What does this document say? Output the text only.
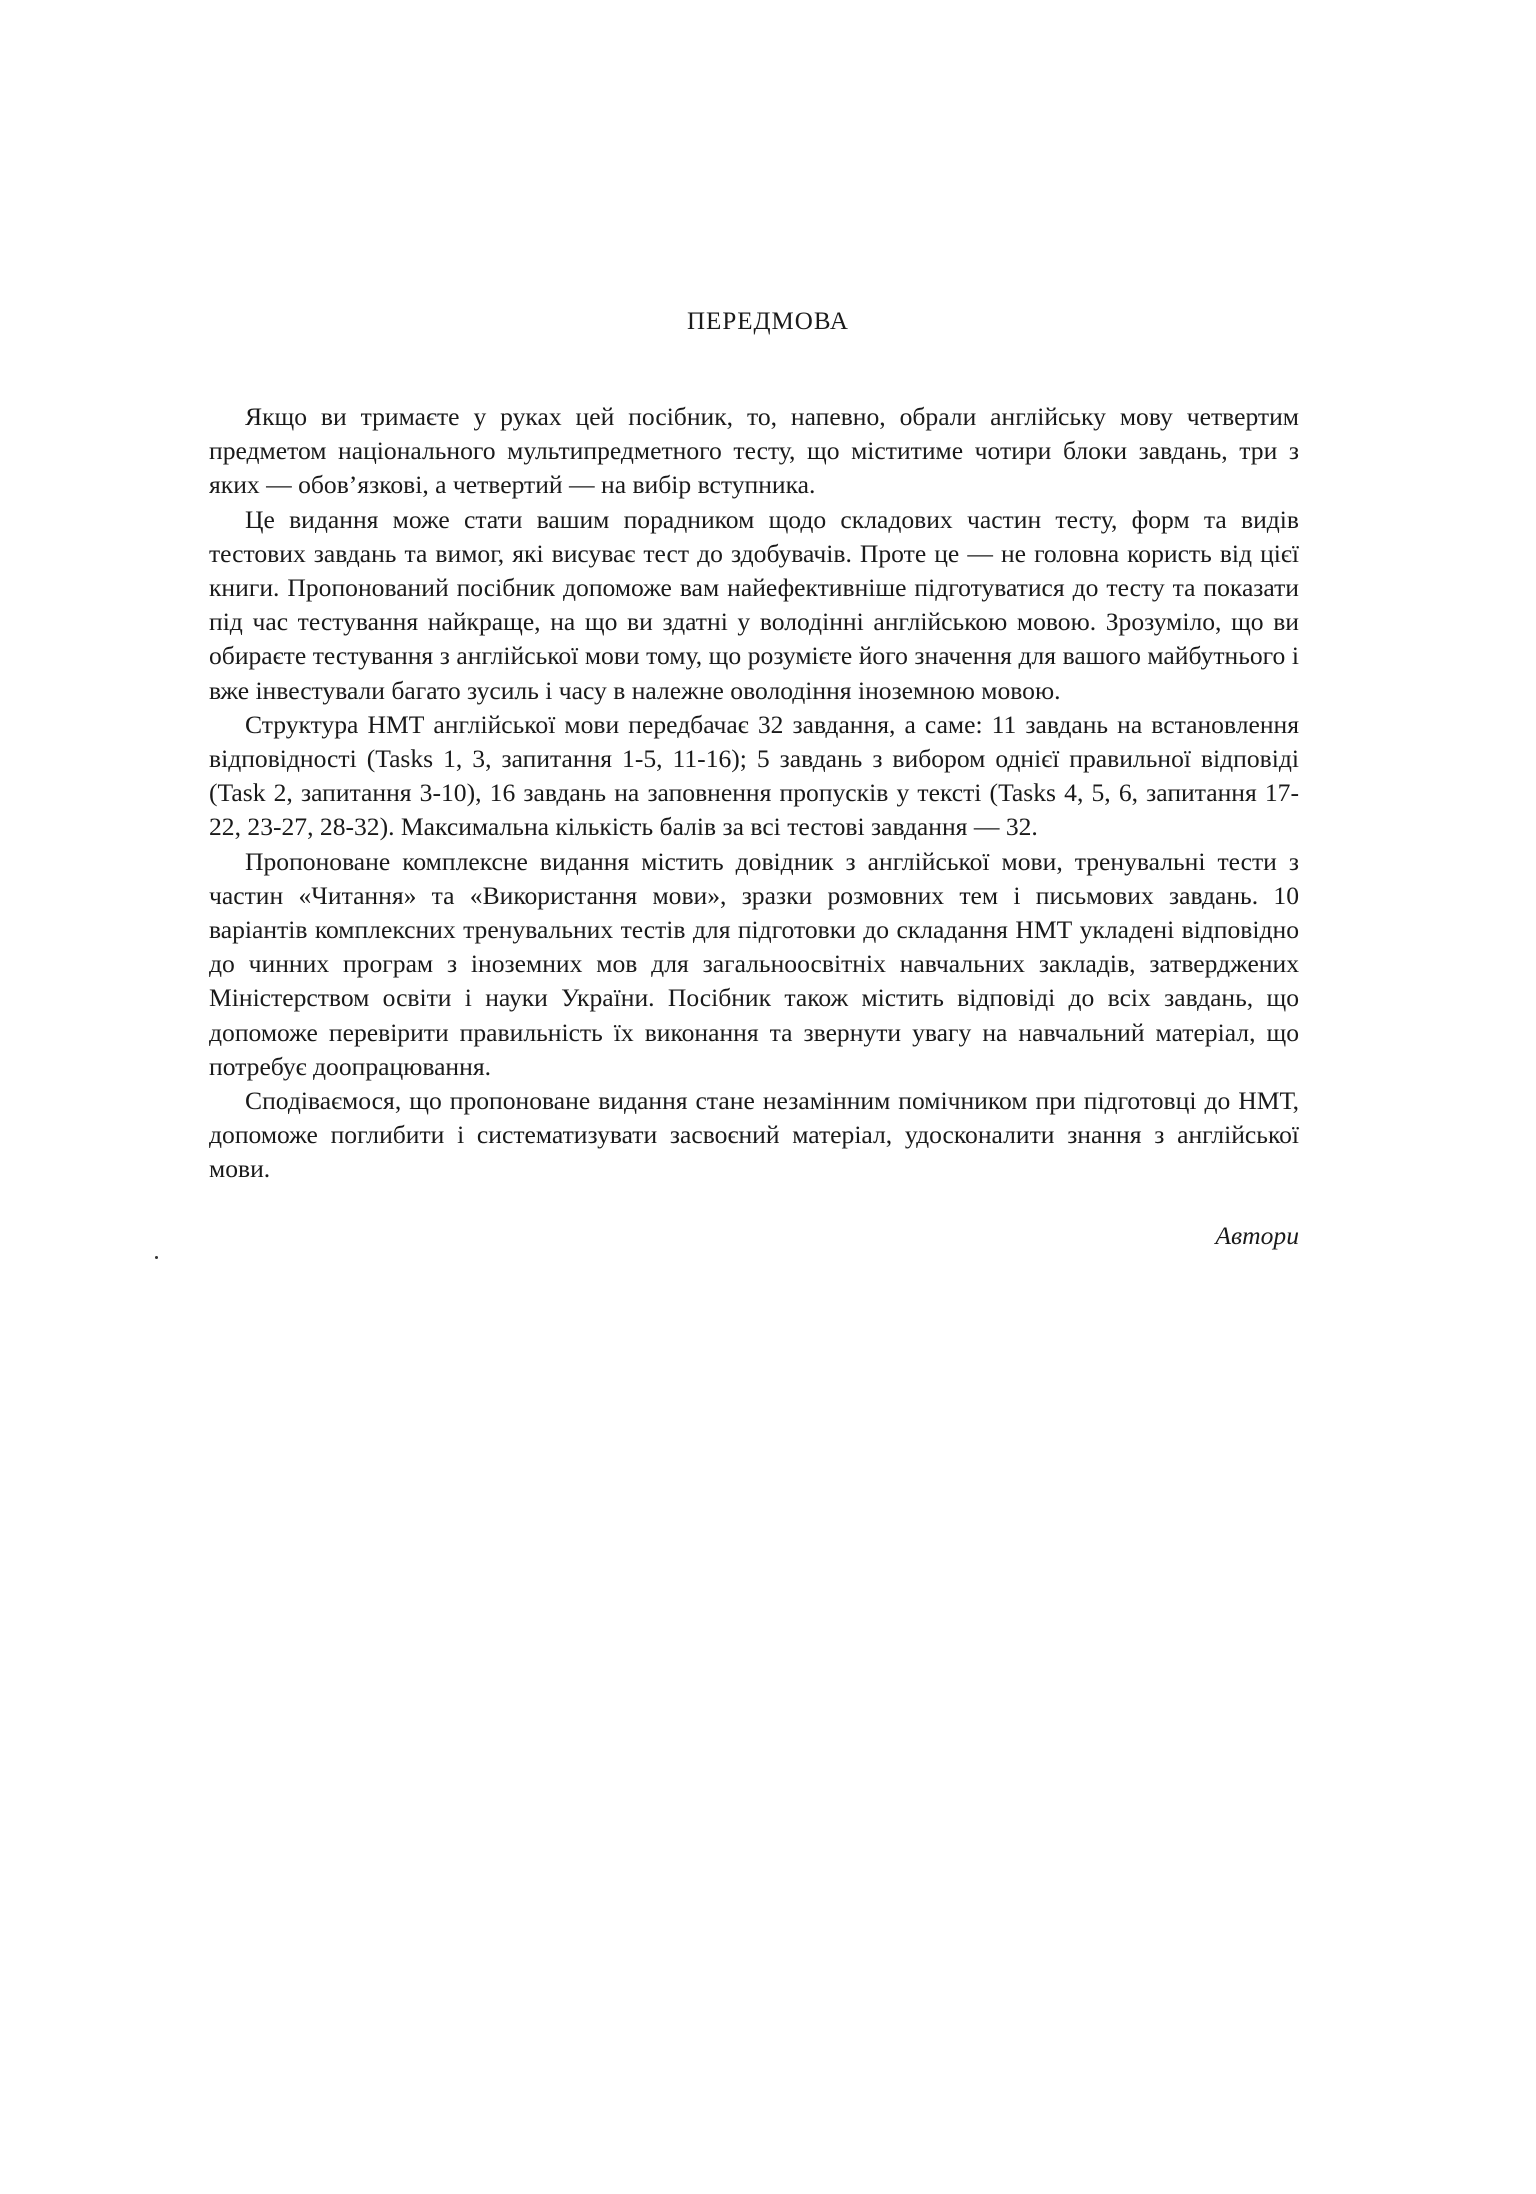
ПЕРЕДМОВА

Якщо ви тримаєте у руках цей посібник, то, напевно, обрали англійську мову четвертим предметом національного мультипредметного тесту, що міститиме чотири блоки завдань, три з яких — обов’язкові, а четвертий — на вибір вступника.

Це видання може стати вашим порадником щодо складових частин тесту, форм та видів тестових завдань та вимог, які висуває тест до здобувачів. Проте це — не головна користь від цієї книги. Пропонований посібник допоможе вам найефективніше підготуватися до тесту та показати під час тестування найкраще, на що ви здатні у володінні англійською мовою. Зрозуміло, що ви обираєте тестування з англійської мови тому, що розумієте його значення для вашого майбутнього і вже інвестували багато зусиль і часу в належне оволодіння іноземною мовою.

Структура НМТ англійської мови передбачає 32 завдання, а саме: 11 завдань на встановлення відповідності (Tasks 1, 3, запитання 1-5, 11-16); 5 завдань з вибором однієї правильної відповіді (Task 2, запитання 3-10), 16 завдань на заповнення пропусків у тексті (Tasks 4, 5, 6, запитання 17-22, 23-27, 28-32). Максимальна кількість балів за всі тестові завдання — 32.

Пропоноване комплексне видання містить довідник з англійської мови, тренувальні тести з частин «Читання» та «Використання мови», зразки розмовних тем і письмових завдань. 10 варіантів комплексних тренувальних тестів для підготовки до складання НМТ укладені відповідно до чинних програм з іноземних мов для загальноосвітніх навчальних закладів, затверджених Міністерством освіти і науки України. Посібник також містить відповіді до всіх завдань, що допоможе перевірити правильність їх виконання та звернути увагу на навчальний матеріал, що потребує доопрацювання.

Сподіваємося, що пропоноване видання стане незамінним помічником при підготовці до НМТ, допоможе поглибити і систематизувати засвоєний матеріал, удосконалити знання з англійської мови.

Автори
